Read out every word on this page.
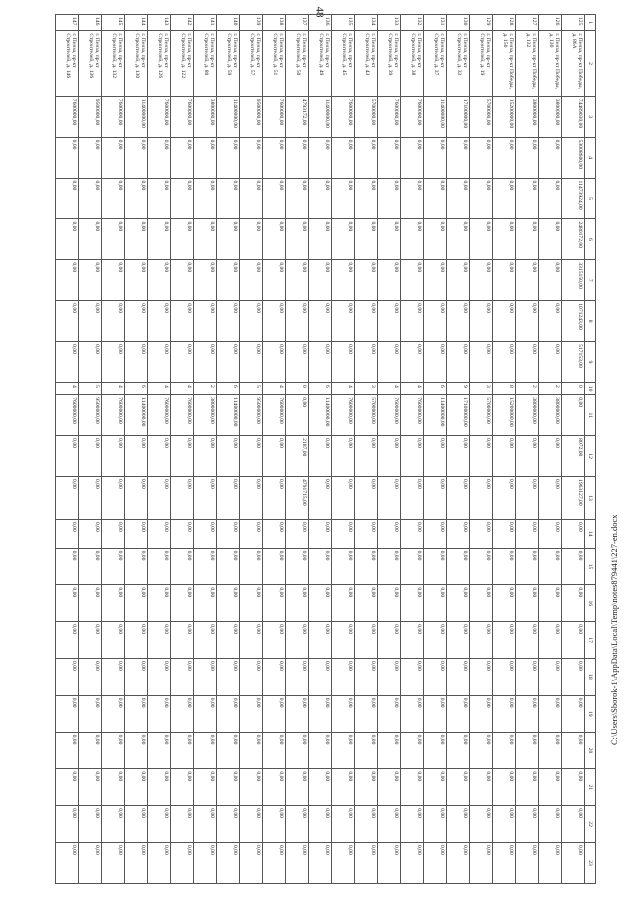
48
1	2	3	4	5	6	7	8	9	10	11	12	13	14	15	16	17	18	19	20	21	22	23
125	г. Пенза, пр-кт Победы, д. 86А	74489030,00	53008600,00	11473924,00	2480172,00	3315150,00	1071243,00	517153,00	0	0,00	8072,00	1963127,00	0,00	0,00	0,00	0,00	0,00	0,00	0,00	0,00	0,00	0,00
126	г. Пенза, пр-кт Победы, д. 130	3800000,00	0,00	0,00	0,00	0,00	0,00	0,00	2	3800000,00	0,00	0,00	0,00	0,00	0,00	0,00	0,00	0,00	0,00	0,00	0,00	0,00
127	г. Пенза, пр-кт Победы, д. 132	3800000,00	0,00	0,00	0,00	0,00	0,00	0,00	2	3800000,00	0,00	0,00	0,00	0,00	0,00	0,00	0,00	0,00	0,00	0,00	0,00	0,00
128	г. Пенза, пр-кт Победы, д. 150	15200000,00	0,00	0,00	0,00	0,00	0,00	0,00	8	15200000,00	0,00	0,00	0,00	0,00	0,00	0,00	0,00	0,00	0,00	0,00	0,00	0,00
129	г. Пенза, пр-кт Строителей, д. 19	5700000,00	0,00	0,00	0,00	0,00	0,00	0,00	3	5700000,00	0,00	0,00	0,00	0,00	0,00	0,00	0,00	0,00	0,00	0,00	0,00	0,00
130	г. Пенза, пр-кт Строителей, д. 33	17100000,00	0,00	0,00	0,00	0,00	0,00	0,00	9	17100000,00	0,00	0,00	0,00	0,00	0,00	0,00	0,00	0,00	0,00	0,00	0,00	0,00
131	г. Пенза, пр-кт Строителей, д. 37	11400000,00	0,00	0,00	0,00	0,00	0,00	0,00	6	11400000,00	0,00	0,00	0,00	0,00	0,00	0,00	0,00	0,00	0,00	0,00	0,00	0,00
132	г. Пенза, пр-кт Строителей, д. 38	7600000,00	0,00	0,00	0,00	0,00	0,00	0,00	4	7600000,00	0,00	0,00	0,00	0,00	0,00	0,00	0,00	0,00	0,00	0,00	0,00	0,00
133	г. Пенза, пр-кт Строителей, д. 39	7600000,00	0,00	0,00	0,00	0,00	0,00	0,00	4	7600000,00	0,00	0,00	0,00	0,00	0,00	0,00	0,00	0,00	0,00	0,00	0,00	0,00
134	г. Пенза, пр-кт Строителей, д. 43	5700000,00	0,00	0,00	0,00	0,00	0,00	0,00	3	5700000,00	0,00	0,00	0,00	0,00	0,00	0,00	0,00	0,00	0,00	0,00	0,00	0,00
135	г. Пенза, пр-кт Строителей, д. 45	7600000,00	0,00	0,00	0,00	0,00	0,00	0,00	4	7600000,00	0,00	0,00	0,00	0,00	0,00	0,00	0,00	0,00	0,00	0,00	0,00	0,00
136	г. Пенза, пр-кт Строителей, д. 49	11400000,00	0,00	0,00	0,00	0,00	0,00	0,00	6	11400000,00	0,00	0,00	0,00	0,00	0,00	0,00	0,00	0,00	0,00	0,00	0,00	0,00
137	г. Пенза, пр-кт Строителей, д. 50	4793172,00	0,00	0,00	0,00	0,00	0,00	0,00	0	0,00	2187,00	4791715,00	0,00	0,00	0,00	0,00	0,00	0,00	0,00	0,00	0,00	0,00
138	г. Пенза, пр-кт Строителей, д. 51	7600000,00	0,00	0,00	0,00	0,00	0,00	0,00	4	7600000,00	0,00	0,00	0,00	0,00	0,00	0,00	0,00	0,00	0,00	0,00	0,00	0,00
139	г. Пенза, пр-кт Строителей, д. 57	9500000,00	0,00	0,00	0,00	0,00	0,00	0,00	5	9500000,00	0,00	0,00	0,00	0,00	0,00	0,00	0,00	0,00	0,00	0,00	0,00	0,00
140	г. Пенза, пр-кт Строителей, д. 59	11400000,00	0,00	0,00	0,00	0,00	0,00	0,00	6	11400000,00	0,00	0,00	0,00	0,00	0,00	0,00	0,00	0,00	0,00	0,00	0,00	0,00
141	г. Пенза, пр-кт Строителей, д. 80	3800000,00	0,00	0,00	0,00	0,00	0,00	0,00	2	3800000,00	0,00	0,00	0,00	0,00	0,00	0,00	0,00	0,00	0,00	0,00	0,00	0,00
142	г. Пенза, пр-кт Строителей, д. 122	7600000,00	0,00	0,00	0,00	0,00	0,00	0,00	4	7600000,00	0,00	0,00	0,00	0,00	0,00	0,00	0,00	0,00	0,00	0,00	0,00	0,00
143	г. Пенза, пр-кт Строителей, д. 126	7600000,00	0,00	0,00	0,00	0,00	0,00	0,00	4	7600000,00	0,00	0,00	0,00	0,00	0,00	0,00	0,00	0,00	0,00	0,00	0,00	0,00
144	г. Пенза, пр-кт Строителей, д. 130	11400000,00	0,00	0,00	0,00	0,00	0,00	0,00	6	11400000,00	0,00	0,00	0,00	0,00	0,00	0,00	0,00	0,00	0,00	0,00	0,00	0,00
145	г. Пенза, пр-кт Строителей, д. 132	7600000,00	0,00	0,00	0,00	0,00	0,00	0,00	4	7600000,00	0,00	0,00	0,00	0,00	0,00	0,00	0,00	0,00	0,00	0,00	0,00	0,00
146	г. Пенза, пр-кт Строителей, д. 136	9500000,00	0,00	0,00	0,00	0,00	0,00	0,00	5	9500000,00	0,00	0,00	0,00	0,00	0,00	0,00	0,00	0,00	0,00	0,00	0,00	0,00
147	г. Пенза, пр-кт Строителей, д. 146	7600000,00	0,00	0,00	0,00	0,00	0,00	0,00	4	7600000,00	0,00	0,00	0,00	0,00	0,00	0,00	0,00	0,00	0,00	0,00	0,00	0,00
C:\Users\Sborok-1\AppData\Local\Temp\notes879441\227-en.docx
